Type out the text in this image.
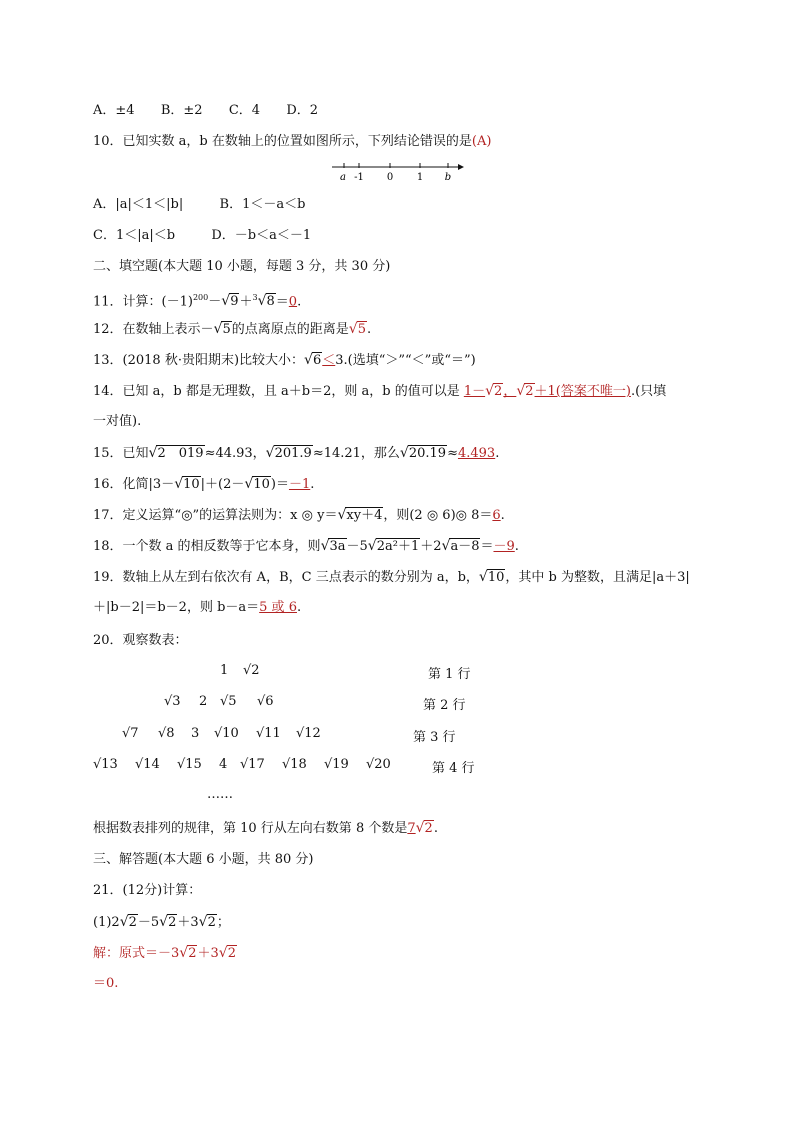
A．±4 B．±2 C．4 D．2
10．已知实数 a，b 在数轴上的位置如图所示，下列结论错误的是(A)
a -1 0 1 b
A．|a|＜1＜|b|	B．1＜－a＜b
C．1＜|a|＜b	D．－b＜a＜－1
二、填空题(本大题 10 小题，每题 3 分，共 30 分)
11．计算：$(-1)^{200}-√9+^3√8=0$.
12．在数轴上表示－√5的点离原点的距离是√5.
13．(2018 秋·贵阳期末)比较大小：√6＜3.(选填“＞”“＜”或“＝”)
14．已知 a，b 都是无理数，且 a＋b＝2，则 a，b 的值可以是 1－√2，√2＋1(答案不唯一).(只填
一对值).
15．已知√2　019≈44.93，√201.9≈14.21，那么√20.19≈4.493.
16．化简|3－√10|＋(2－√10)＝－1.
17．定义运算“◎”的运算法则为：x ◎ y＝√xy＋4，则(2 ◎ 6)◎ 8＝6.
18．一个数 a 的相反数等于它本身，则√3a－5√2a²＋1＋2√a－8＝－9.
19．数轴上从左到右依次有 A，B，C 三点表示的数分别为 a，b，√10，其中 b 为整数，且满足|a＋3|
＋|b－2|＝b－2，则 b－a＝5 或 6.
20．观察数表：
1 √2	第 1 行
√3 2 √5 √6	第 2 行
√7 √8 3 √10 √11 √12	第 3 行
√13 √14 √15 4 √17 √18 √19 √20	第 4 行
……
根据数表排列的规律，第 10 行从左向右数第 8 个数是7√2.
三、解答题(本大题 6 小题，共 80 分)
21．(12分)计算：
(1)2√2－5√2＋3√2；
解：原式＝－3√2＋3√2
＝0.
